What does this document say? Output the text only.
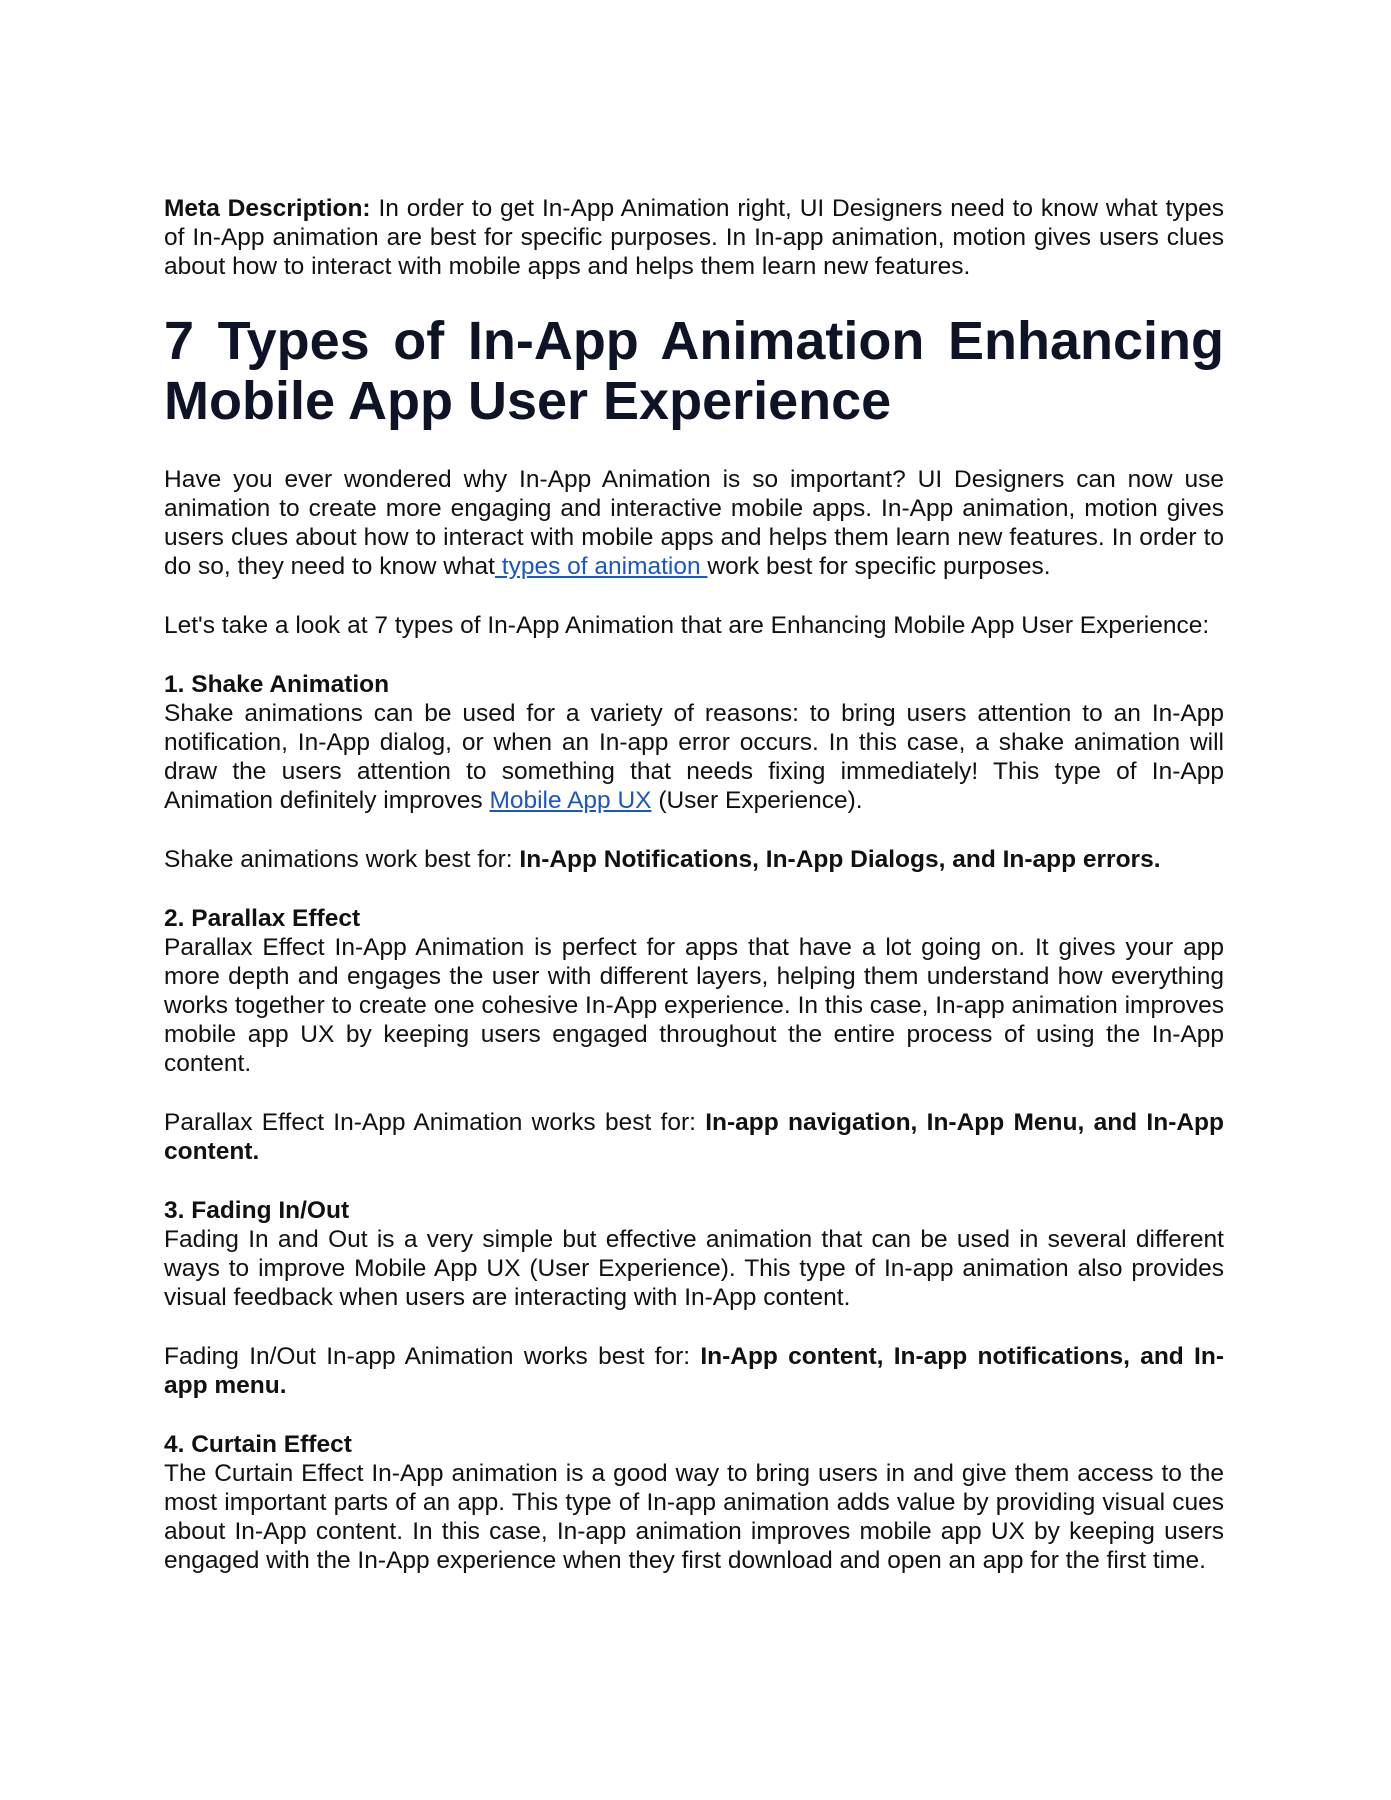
Meta Description: In order to get In-App Animation right, UI Designers need to know what types of In-App animation are best for specific purposes. In In-app animation, motion gives users clues about how to interact with mobile apps and helps them learn new features.

7 Types of In-App Animation Enhancing Mobile App User Experience

Have you ever wondered why In-App Animation is so important? UI Designers can now use animation to create more engaging and interactive mobile apps. In-App animation, motion gives users clues about how to interact with mobile apps and helps them learn new features. In order to do so, they need to know what types of animation work best for specific purposes.

Let's take a look at 7 types of In-App Animation that are Enhancing Mobile App User Experience:

1. Shake Animation
Shake animations can be used for a variety of reasons: to bring users attention to an In-App notification, In-App dialog, or when an In-app error occurs. In this case, a shake animation will draw the users attention to something that needs fixing immediately! This type of In-App Animation definitely improves Mobile App UX (User Experience).

Shake animations work best for: In-App Notifications, In-App Dialogs, and In-app errors.

2. Parallax Effect
Parallax Effect In-App Animation is perfect for apps that have a lot going on. It gives your app more depth and engages the user with different layers, helping them understand how everything works together to create one cohesive In-App experience. In this case, In-app animation improves mobile app UX by keeping users engaged throughout the entire process of using the In-App content.

Parallax Effect In-App Animation works best for: In-app navigation, In-App Menu, and In-App content.

3. Fading In/Out
Fading In and Out is a very simple but effective animation that can be used in several different ways to improve Mobile App UX (User Experience). This type of In-app animation also provides visual feedback when users are interacting with In-App content.

Fading In/Out In-app Animation works best for: In-App content, In-app notifications, and In-app menu.

4. Curtain Effect
The Curtain Effect In-App animation is a good way to bring users in and give them access to the most important parts of an app. This type of In-app animation adds value by providing visual cues about In-App content. In this case, In-app animation improves mobile app UX by keeping users engaged with the In-App experience when they first download and open an app for the first time.
